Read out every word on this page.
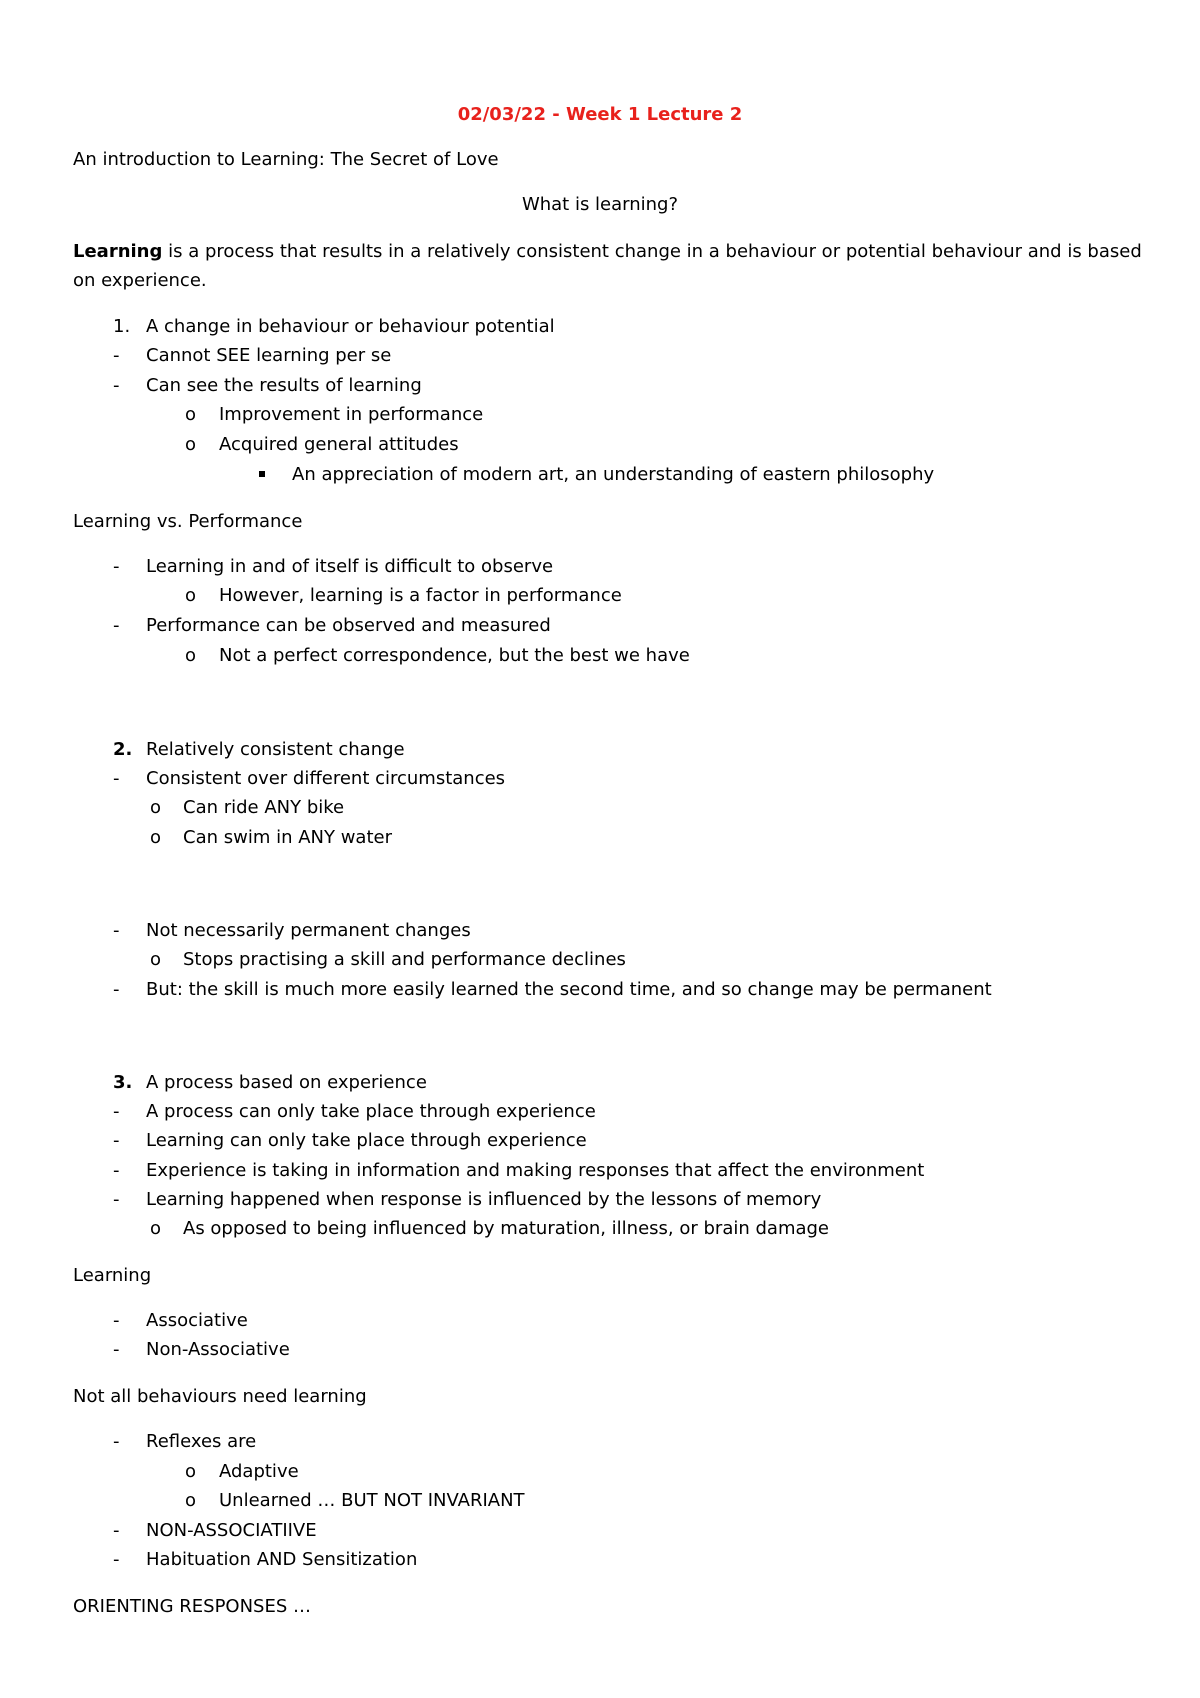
02/03/22 - Week 1 Lecture 2
An introduction to Learning: The Secret of Love
What is learning?
Learning is a process that results in a relatively consistent change in a behaviour or potential behaviour and is based
on experience.
1. A change in behaviour or behaviour potential
- Cannot SEE learning per se
- Can see the results of learning
o Improvement in performance
o Acquired general attitudes
An appreciation of modern art, an understanding of eastern philosophy
Learning vs. Performance
- Learning in and of itself is difficult to observe
o However, learning is a factor in performance
- Performance can be observed and measured
o Not a perfect correspondence, but the best we have
2. Relatively consistent change
- Consistent over different circumstances
o Can ride ANY bike
o Can swim in ANY water
- Not necessarily permanent changes
o Stops practising a skill and performance declines
- But: the skill is much more easily learned the second time, and so change may be permanent
3. A process based on experience
- A process can only take place through experience
- Learning can only take place through experience
- Experience is taking in information and making responses that affect the environment
- Learning happened when response is influenced by the lessons of memory
o As opposed to being influenced by maturation, illness, or brain damage
Learning
- Associative
- Non-Associative
Not all behaviours need learning
- Reflexes are
o Adaptive
o Unlearned … BUT NOT INVARIANT
- NON-ASSOCIATIIVE
- Habituation AND Sensitization
ORIENTING RESPONSES …
